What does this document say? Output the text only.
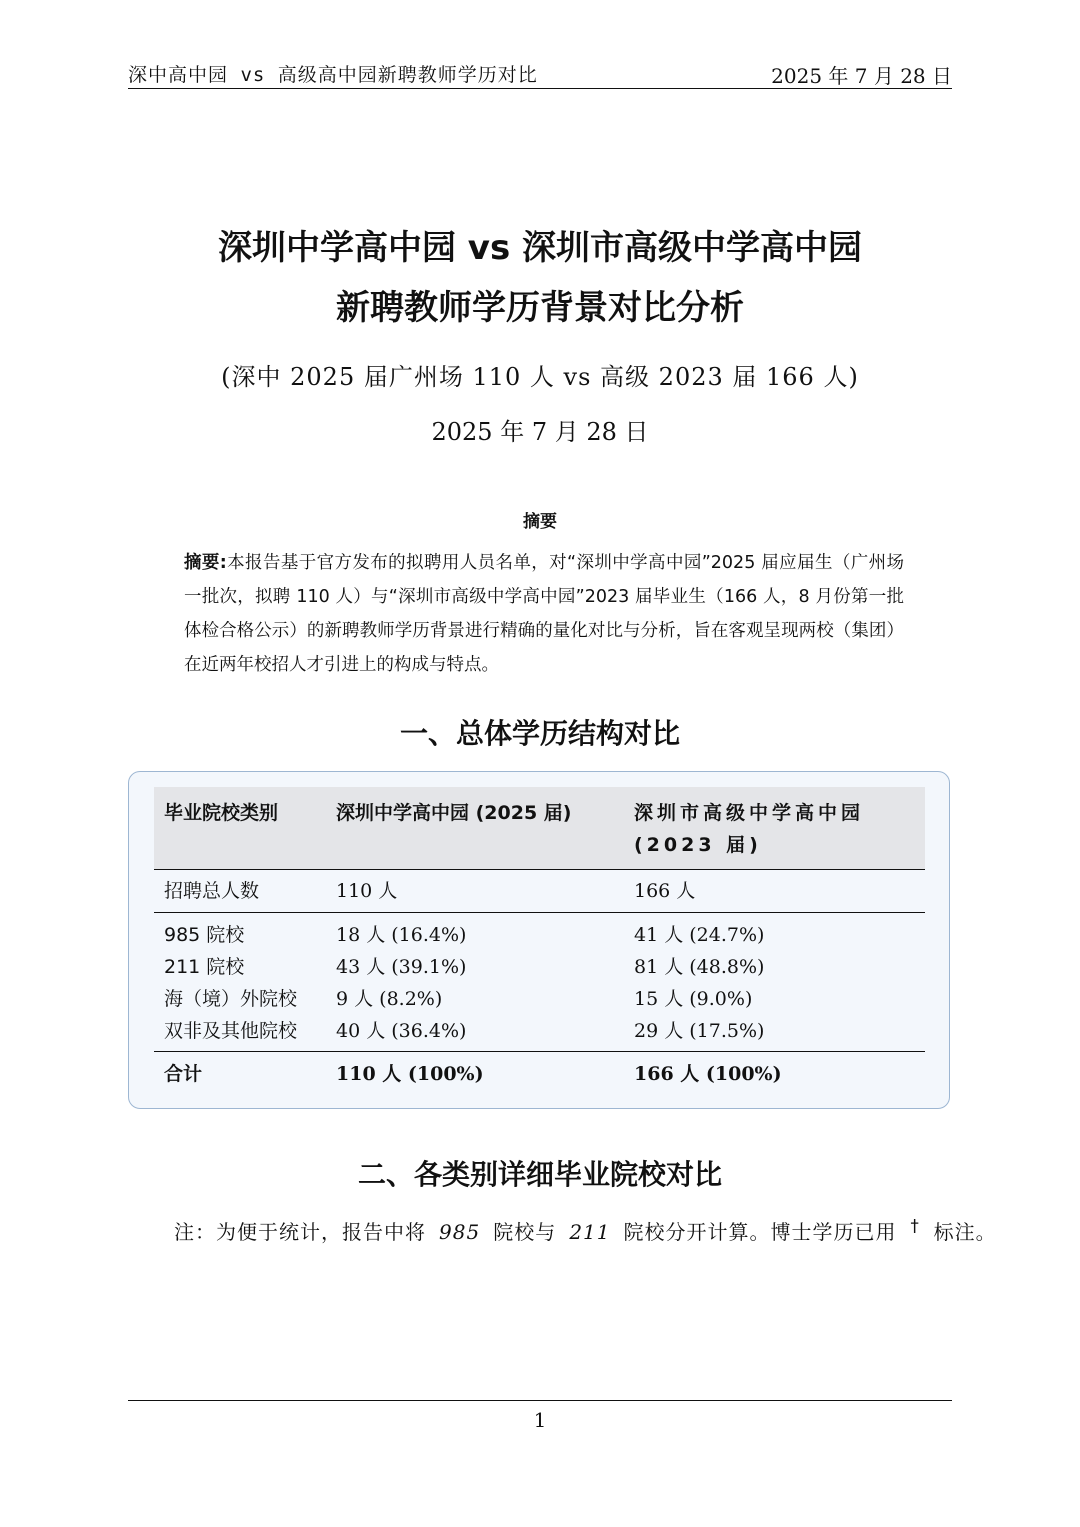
深中高中园 vs 高级高中园新聘教师学历对比	2025 年 7 月 28 日
深圳中学高中园 vs 深圳市高级中学高中园
新聘教师学历背景对比分析
(深中 2025 届广州场 110 人 vs 高级 2023 届 166 人)
2025 年 7 月 28 日
摘要
摘要:本报告基于官方发布的拟聘用人员名单，对“深圳中学高中园”2025 届应届生（广州场一批次，拟聘 110 人）与“深圳市高级中学高中园”2023 届毕业生（166 人，8 月份第一批体检合格公示）的新聘教师学历背景进行精确的量化对比与分析，旨在客观呈现两校（集团）在近两年校招人才引进上的构成与特点。
一、总体学历结构对比
毕业院校类别	深圳中学高中园 (2025 届)	深圳市高级中学高中园 (2023 届)
招聘总人数	110 人	166 人
985 院校	18 人 (16.4%)	41 人 (24.7%)
211 院校	43 人 (39.1%)	81 人 (48.8%)
海（境）外院校	9 人 (8.2%)	15 人 (9.0%)
双非及其他院校	40 人 (36.4%)	29 人 (17.5%)
合计	110 人 (100%)	166 人 (100%)
二、各类别详细毕业院校对比
注：为便于统计，报告中将 985 院校与 211 院校分开计算。博士学历已用 † 标注。
1
